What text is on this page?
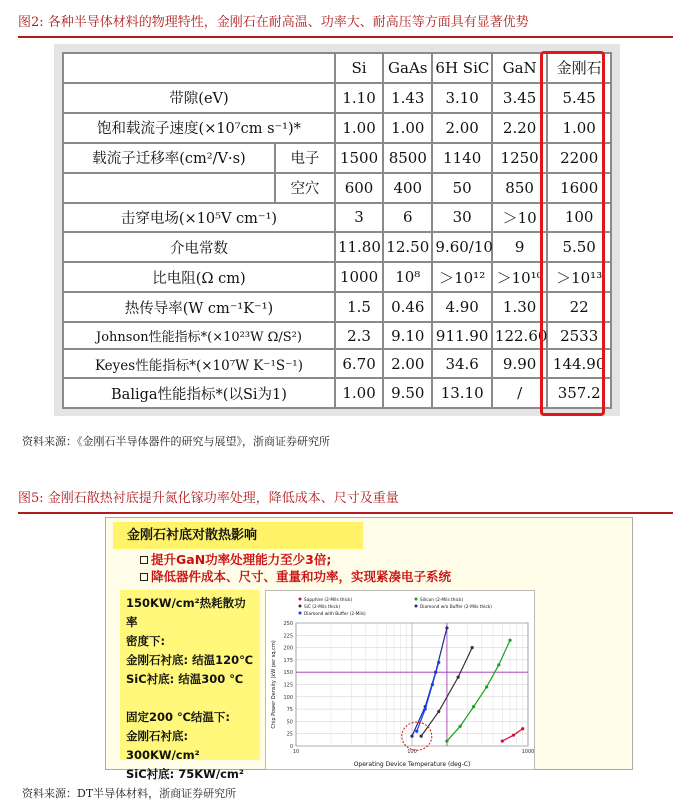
图2: 各种半导体材料的物理特性，金刚石在耐高温、功率大、耐高压等方面具有显著优势
	Si	GaAs	6H SiC	GaN	金刚石
带隙(eV)	1.10	1.43	3.10	3.45	5.45
饱和载流子速度(×10⁷cm s⁻¹)*	1.00	1.00	2.00	2.20	1.00

载流子迁移率(cm²/V·s) 电子	1500	8500	1140	1250	2200

空穴	600	400	50	850	1600
击穿电场(×10⁵V cm⁻¹)	3	6	30	＞10	100
介电常数	11.80	12.50	9.60/10	9	5.50
比电阻(Ω cm)	1000	10⁸	＞10¹²	＞10¹⁰	＞10¹³
热传导率(W cm⁻¹K⁻¹)	1.5	0.46	4.90	1.30	22
Johnson性能指标*(×10²³W Ω/S²)	2.3	9.10	911.90	122.60	2533
Keyes性能指标*(×10⁷W K⁻¹S⁻¹)	6.70	2.00	34.6	9.90	144.90
Baliga性能指标*(以Si为1)	1.00	9.50	13.10	/	357.2
资料来源：《金刚石半导体器件的研究与展望》，浙商证券研究所
图5: 金刚石散热衬底提升氮化镓功率处理，降低成本、尺寸及重量
金刚石衬底对散热影响
提升GaN功率处理能力至少3倍;
降低器件成本、尺寸、重量和功率，实现紧凑电子系统
150KW/cm²热耗散功率
密度下:
金刚石衬底: 结温120℃
SiC衬底: 结温300 ℃
固定200 ℃结温下:
金刚石衬底: 300KW/cm²
SiC衬底: 75KW/cm²
0
25
50
75
100
125
150
175
200
225
250
10	100	1000
Operating Device Temperature (deg-C)
Chip Power Density (kW per sq.cm)
Sapphire (2-Mils thick)	Silicon (2-Mils thick)
SiC (2-Mils thick)	Diamond w/o Buffer (2-Mils thick)
Diamond with Buffer (2-Mils)
资料来源：DT半导体材料，浙商证券研究所
